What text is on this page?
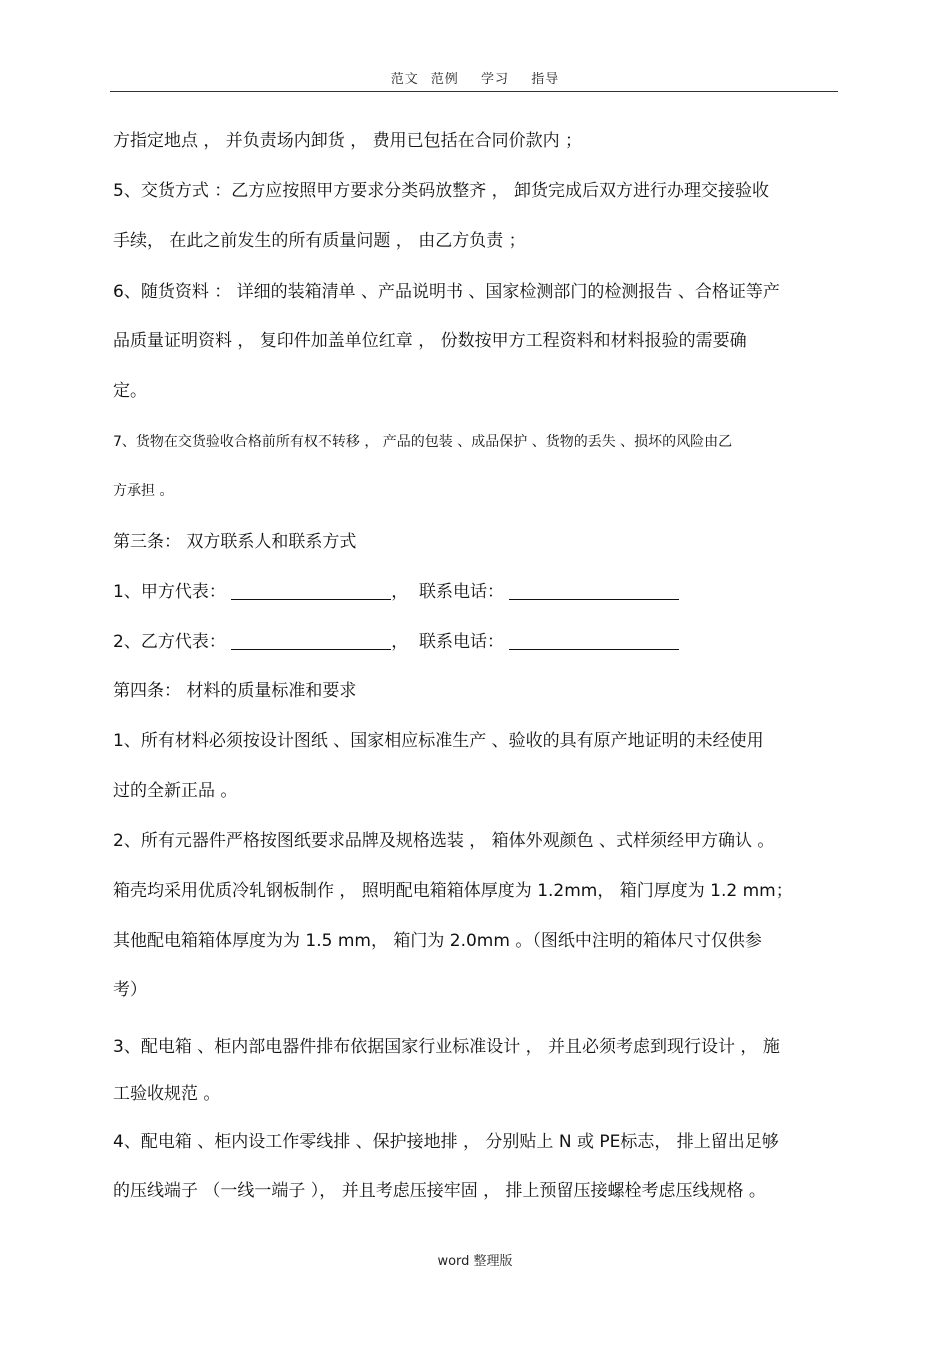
范文 范例 学习 指导
方指定地点 ， 并负责场内卸货 ， 费用已包括在合同价款内 ；
5、交货方式 ：乙方应按照甲方要求分类码放整齐 ， 卸货完成后双方进行办理交接验收
手续， 在此之前发生的所有质量问题 ， 由乙方负责 ；
6、随货资料 ： 详细的装箱清单 、产品说明书 、国家检测部门的检测报告 、合格证等产
品质量证明资料 ， 复印件加盖单位红章 ， 份数按甲方工程资料和材料报验的需要确
定。
7、货物在交货验收合格前所有权不转移 ， 产品的包装 、成品保护 、货物的丢失 、损坏的风险由乙
方承担 。
第三条： 双方联系人和联系方式
1、甲方代表：	， 联系电话：
2、乙方代表：	， 联系电话：
第四条： 材料的质量标准和要求
1、所有材料必须按设计图纸 、国家相应标准生产 、验收的具有原产地证明的未经使用
过的全新正品 。
2、所有元器件严格按图纸要求品牌及规格选装 ， 箱体外观颜色 、式样须经甲方确认 。
箱壳均采用优质冷轧钢板制作 ， 照明配电箱箱体厚度为 1.2mm， 箱门厚度为 1.2 mm；
其他配电箱箱体厚度为为 1.5 mm， 箱门为 2.0mm 。（图纸中注明的箱体尺寸仅供参
考）
3、配电箱 、柜内部电器件排布依据国家行业标准设计 ， 并且必须考虑到现行设计 ， 施
工验收规范 。
4、配电箱 、柜内设工作零线排 、保护接地排 ， 分别贴上 N 或 PE标志， 排上留出足够
的压线端子 （一线一端子 ）， 并且考虑压接牢固 ， 排上预留压接螺栓考虑压线规格 。
word 整理版
